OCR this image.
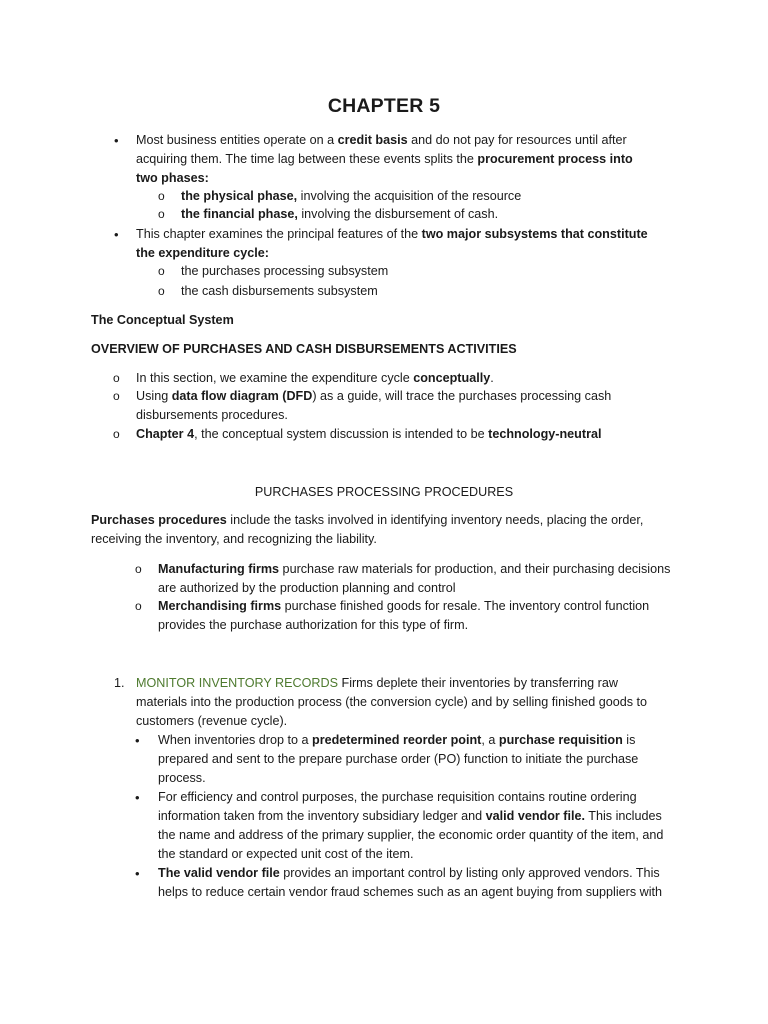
CHAPTER 5
• Most business entities operate on a credit basis and do not pay for resources until after acquiring them. The time lag between these events splits the procurement process into two phases:

o the physical phase, involving the acquisition of the resource

o the financial phase, involving the disbursement of cash.

• This chapter examines the principal features of the two major subsystems that constitute the expenditure cycle:

o the purchases processing subsystem

o the cash disbursements subsystem

The Conceptual System

OVERVIEW OF PURCHASES AND CASH DISBURSEMENTS ACTIVITIES

o In this section, we examine the expenditure cycle conceptually.

o Using data flow diagram (DFD) as a guide, will trace the purchases processing cash disbursements procedures.

o Chapter 4, the conceptual system discussion is intended to be technology-neutral

PURCHASES PROCESSING PROCEDURES

Purchases procedures include the tasks involved in identifying inventory needs, placing the order, receiving the inventory, and recognizing the liability.

o Manufacturing firms purchase raw materials for production, and their purchasing decisions are authorized by the production planning and control

o Merchandising firms purchase finished goods for resale. The inventory control function provides the purchase authorization for this type of firm.

1. MONITOR INVENTORY RECORDS Firms deplete their inventories by transferring raw materials into the production process (the conversion cycle) and by selling finished goods to customers (revenue cycle).

• When inventories drop to a predetermined reorder point, a purchase requisition is prepared and sent to the prepare purchase order (PO) function to initiate the purchase process.

• For efficiency and control purposes, the purchase requisition contains routine ordering information taken from the inventory subsidiary ledger and valid vendor file. This includes the name and address of the primary supplier, the economic order quantity of the item, and the standard or expected unit cost of the item.

• The valid vendor file provides an important control by listing only approved vendors. This helps to reduce certain vendor fraud schemes such as an agent buying from suppliers with
